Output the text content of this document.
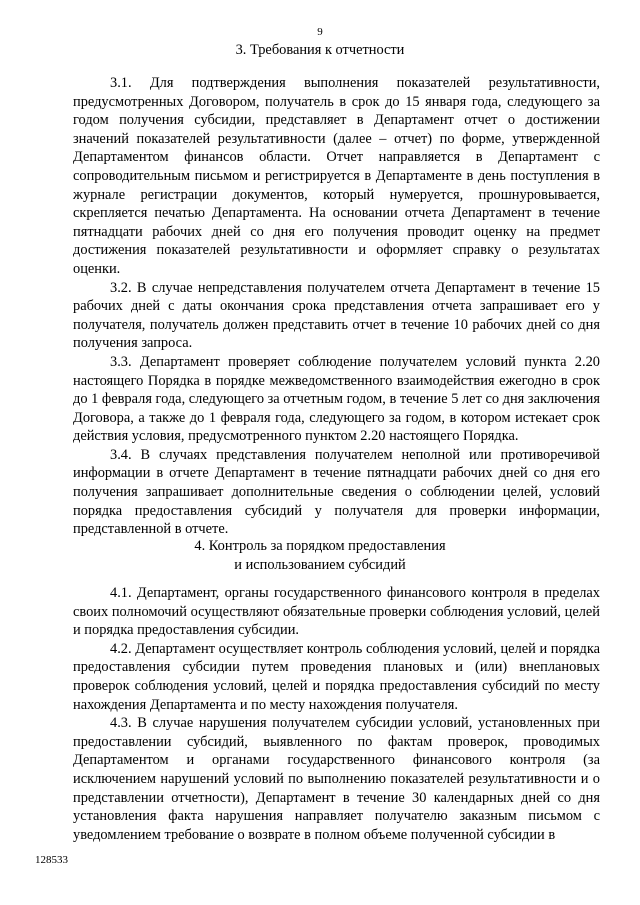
9
3. Требования к отчетности

3.1. Для подтверждения выполнения показателей результативности, предусмотренных Договором, получатель в срок до 15 января года, следующего за годом получения субсидии, представляет в Департамент отчет о достижении значений показателей результативности (далее – отчет) по форме, утвержденной Департаментом финансов области. Отчет направляется в Департамент с сопроводительным письмом и регистрируется в Департаменте в день поступления в журнале регистрации документов, который нумеруется, прошнуровывается, скрепляется печатью Департамента. На основании отчета Департамент в течение пятнадцати рабочих дней со дня его получения проводит оценку на предмет достижения показателей результативности и оформляет справку о результатах оценки.

3.2. В случае непредставления получателем отчета Департамент в течение 15 рабочих дней с даты окончания срока представления отчета запрашивает его у получателя, получатель должен представить отчет в течение 10 рабочих дней со дня получения запроса.

3.3. Департамент проверяет соблюдение получателем условий пункта 2.20 настоящего Порядка в порядке межведомственного взаимодействия ежегодно в срок до 1 февраля года, следующего за отчетным годом, в течение 5 лет со дня заключения Договора, а также до 1 февраля года, следующего за годом, в котором истекает срок действия условия, предусмотренного пунктом 2.20 настоящего Порядка.

3.4. В случаях представления получателем неполной или противоречивой информации в отчете Департамент в течение пятнадцати рабочих дней со дня его получения запрашивает дополнительные сведения о соблюдении целей, условий порядка предоставления субсидий у получателя для проверки информации, представленной в отчете.

4. Контроль за порядком предоставления
и использованием субсидий

4.1. Департамент, органы государственного финансового контроля в пределах своих полномочий осуществляют обязательные проверки соблюдения условий, целей и порядка предоставления субсидии.

4.2. Департамент осуществляет контроль соблюдения условий, целей и порядка предоставления субсидии путем проведения плановых и (или) внеплановых проверок соблюдения условий, целей и порядка предоставления субсидий по месту нахождения Департамента и по месту нахождения получателя.

4.3. В случае нарушения получателем субсидии условий, установленных при предоставлении субсидий, выявленного по фактам проверок, проводимых Департаментом и органами государственного финансового контроля (за исключением нарушений условий по выполнению показателей результативности и о представлении отчетности), Департамент в течение 30 календарных дней со дня установления факта нарушения направляет получателю заказным письмом с уведомлением требование о возврате в полном объеме полученной субсидии в

128533
